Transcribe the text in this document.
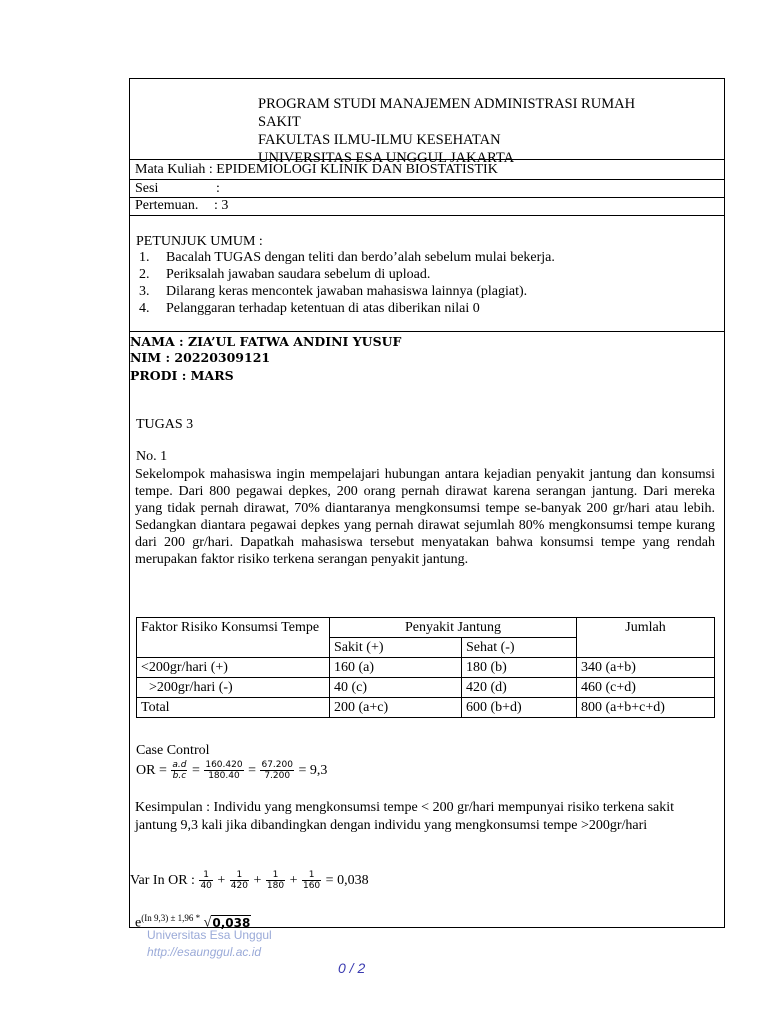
PROGRAM STUDI MANAJEMEN ADMINISTRASI RUMAH
SAKIT
FAKULTAS ILMU-ILMU KESEHATAN
UNIVERSITAS ESA UNGGUL JAKARTA
Mata Kuliah : EPIDEMIOLOGI KLINIK DAN BIOSTATISTIK
Sesi	:
Pertemuan. : 3
PETUNJUK UMUM :
1. Bacalah TUGAS dengan teliti dan berdo’alah sebelum mulai bekerja.
2. Periksalah jawaban saudara sebelum di upload.
3. Dilarang keras mencontek jawaban mahasiswa lainnya (plagiat).
4. Pelanggaran terhadap ketentuan di atas diberikan nilai 0
NAMA : ZIA’UL FATWA ANDINI YUSUF
NIM : 20220309121
PRODI : MARS
TUGAS 3
No. 1
Sekelompok mahasiswa ingin mempelajari hubungan antara kejadian penyakit jantung dan konsumsi tempe. Dari 800 pegawai depkes, 200 orang pernah dirawat karena serangan jantung. Dari mereka yang tidak pernah dirawat, 70% diantaranya mengkonsumsi tempe se-banyak 200 gr/hari atau lebih. Sedangkan diantara pegawai depkes yang pernah dirawat sejumlah 80% mengkonsumsi tempe kurang dari 200 gr/hari. Dapatkah mahasiswa tersebut menyatakan bahwa konsumsi tempe yang rendah merupakan faktor risiko terkena serangan penyakit jantung.
Faktor Risiko Konsumsi Tempe	Penyakit Jantung		Jumlah
	Sakit (+)	Sehat (-)	
<200gr/hari (+)	160 (a)	180 (b)	340 (a+b)
>200gr/hari (-)	40 (c)	420 (d)	460 (c+d)
Total	200 (a+c)	600 (b+d)	800 (a+b+c+d)
Case Control
OR = $\frac{a.d}{b.c} = \frac{160.420}{180.40} = \frac{67.200}{7.200} = 9,3$
Kesimpulan : Individu yang mengkonsumsi tempe < 200 gr/hari mempunyai risiko terkena sakit jantung 9,3 kali jika dibandingkan dengan individu yang mengkonsumsi tempe >200gr/hari
Var In OR : $\frac{1}{40} + \frac{1}{420} + \frac{1}{180} + \frac{1}{160} = 0,038$
$e^{(In 9,3) \pm 1,96 *}$ √0,038
Universitas Esa Unggul
http://esaunggul.ac.id
0 / 2
